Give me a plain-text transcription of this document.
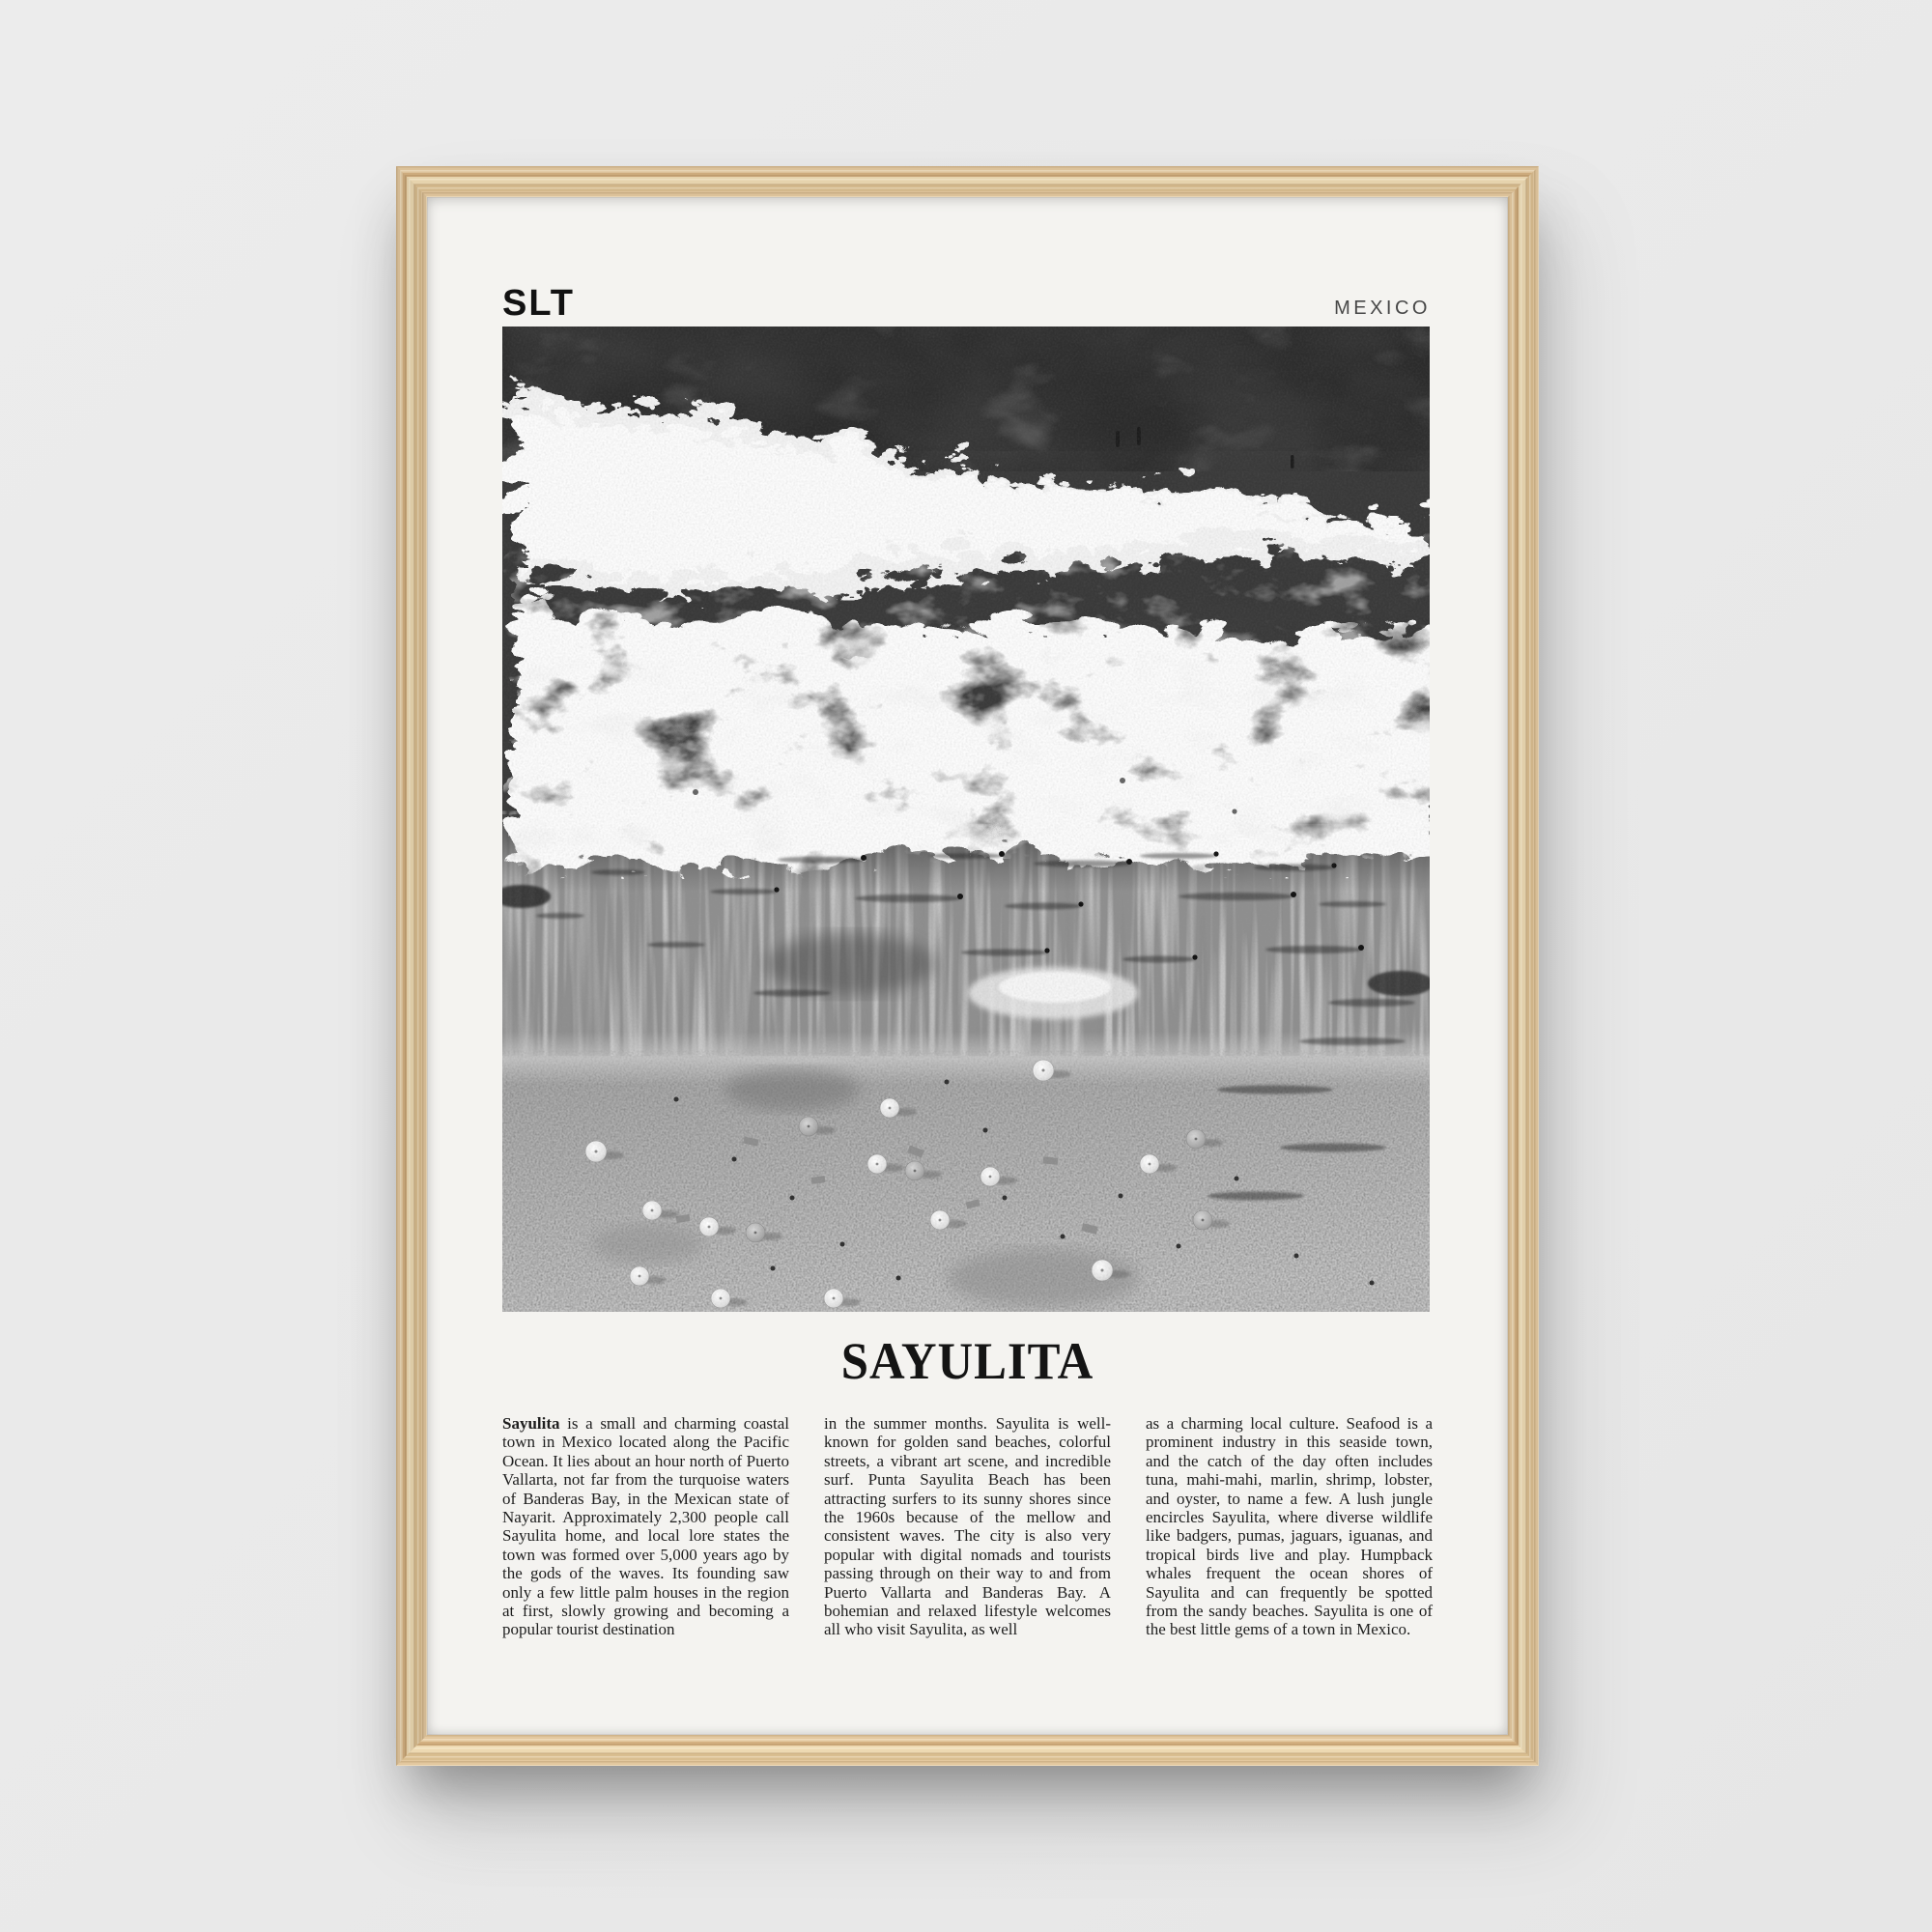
SLT	MEXICO
SAYULITA

Sayulita is a small and charming coastal town in Mexico located along the Pacific Ocean. It lies about an hour north of Puerto Vallarta, not far from the turquoise waters of Banderas Bay, in the Mexican state of Nayarit. Approximately 2,300 people call Sayulita home, and local lore states the town was formed over 5,000 years ago by the gods of the waves. Its founding saw only a few little palm houses in the region at first, slowly growing and becoming a popular tourist destination

in the summer months. Sayulita is well-known for golden sand beaches, colorful streets, a vibrant art scene, and incredible surf. Punta Sayulita Beach has been attracting surfers to its sunny shores since the 1960s because of the mellow and consistent waves. The city is also very popular with digital nomads and tourists passing through on their way to and from Puerto Vallarta and Banderas Bay. A bohemian and relaxed lifestyle welcomes all who visit Sayulita, as well

as a charming local culture. Seafood is a prominent industry in this seaside town, and the catch of the day often includes tuna, mahi-mahi, marlin, shrimp, lobster, and oyster, to name a few. A lush jungle encircles Sayulita, where diverse wildlife like badgers, pumas, jaguars, iguanas, and tropical birds live and play. Humpback whales frequent the ocean shores of Sayulita and can frequently be spotted from the sandy beaches. Sayulita is one of the best little gems of a town in Mexico.
